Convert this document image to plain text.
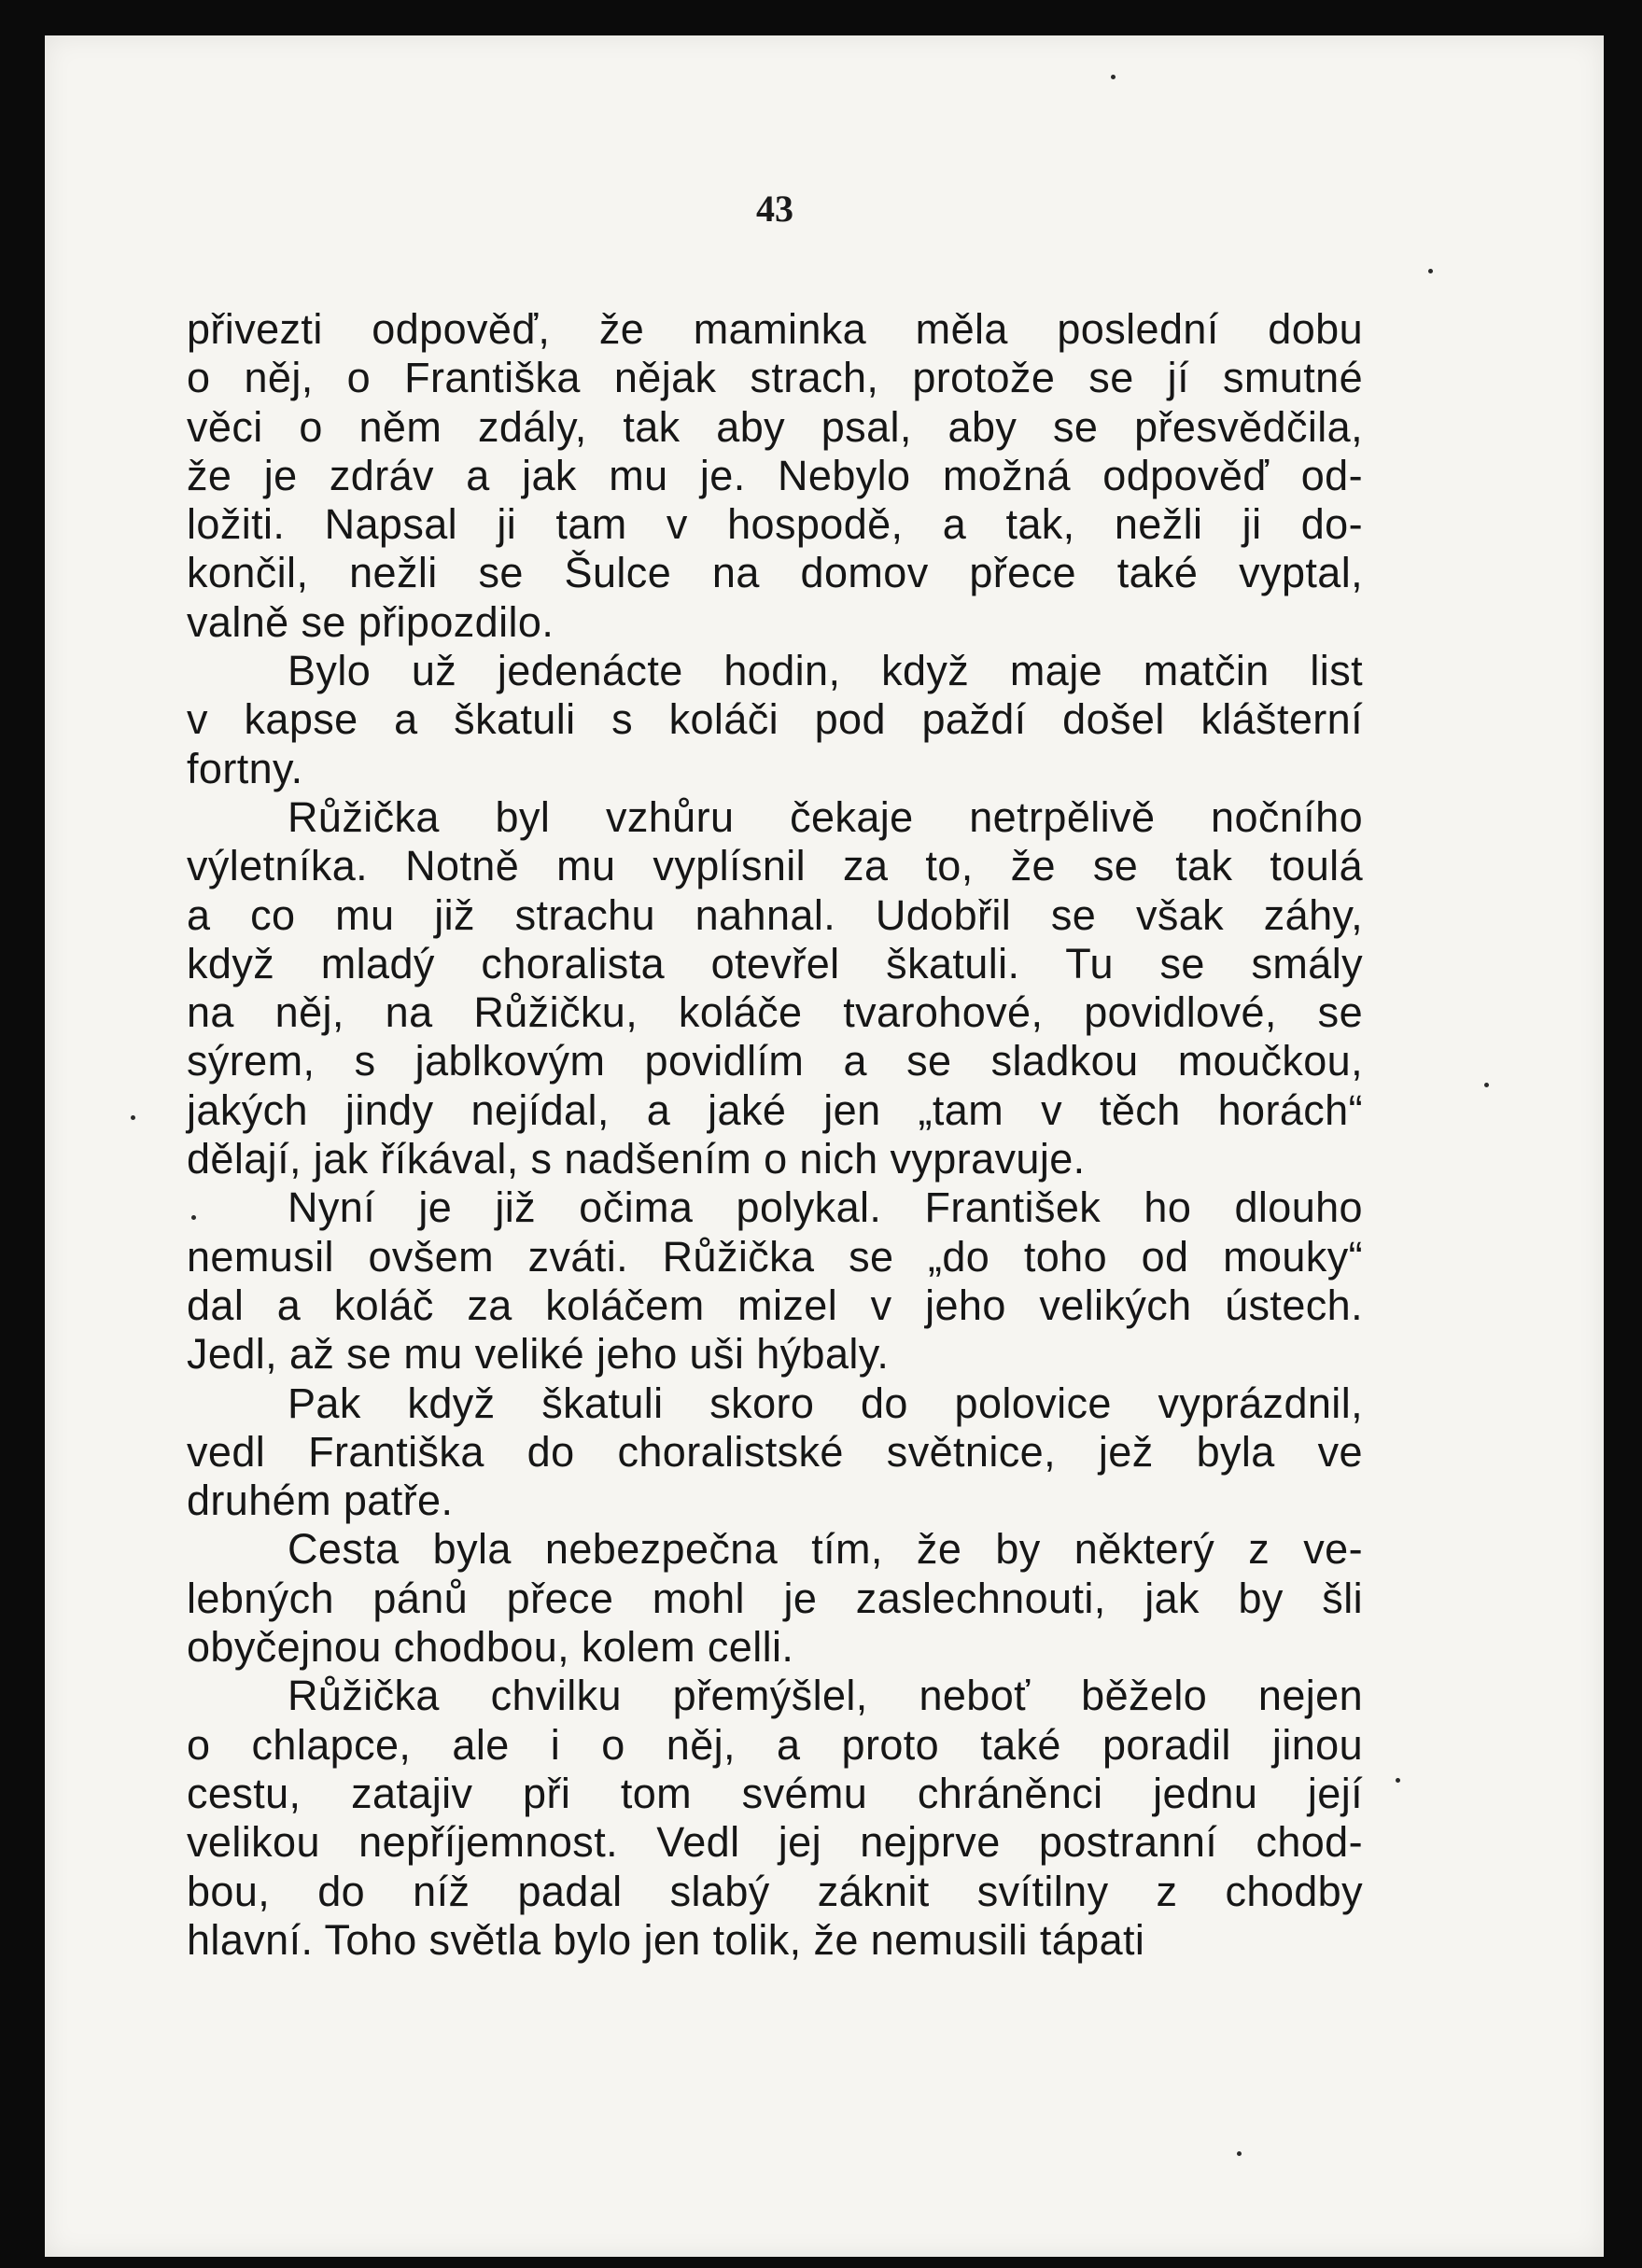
43
přivezti odpověď, že maminka měla poslední dobu
o něj, o Františka nějak strach, protože se jí smutné
věci o něm zdály, tak aby psal, aby se přesvědčila,
že je zdráv a jak mu je. Nebylo možná odpověď od-
ložiti. Napsal ji tam v hospodě, a tak, nežli ji do-
končil, nežli se Šulce na domov přece také vyptal,
valně se připozdilo.
Bylo už jedenácte hodin, když maje matčin list
v kapse a škatuli s koláči pod paždí došel klášterní
fortny.
Růžička byl vzhůru čekaje netrpělivě nočního
výletníka. Notně mu vyplísnil za to, že se tak toulá
a co mu již strachu nahnal. Udobřil se však záhy,
když mladý choralista otevřel škatuli. Tu se smály
na něj, na Růžičku, koláče tvarohové, povidlové, se
sýrem, s jablkovým povidlím a se sladkou moučkou,
jakých jindy nejídal, a jaké jen „tam v těch horách“
dělají, jak říkával, s nadšením o nich vypravuje.
Nyní je již očima polykal. František ho dlouho
nemusil ovšem zváti. Růžička se „do toho od mouky“
dal a koláč za koláčem mizel v jeho velikých ústech.
Jedl, až se mu veliké jeho uši hýbaly.
Pak když škatuli skoro do polovice vyprázdnil,
vedl Františka do choralistské světnice, jež byla ve
druhém patře.
Cesta byla nebezpečna tím, že by některý z ve-
lebných pánů přece mohl je zaslechnouti, jak by šli
obyčejnou chodbou, kolem celli.
Růžička chvilku přemýšlel, neboť běželo nejen
o chlapce, ale i o něj, a proto také poradil jinou
cestu, zatajiv při tom svému chráněnci jednu její
velikou nepříjemnost. Vedl jej nejprve postranní chod-
bou, do níž padal slabý záknit svítilny z chodby
hlavní. Toho světla bylo jen tolik, že nemusili tápati
